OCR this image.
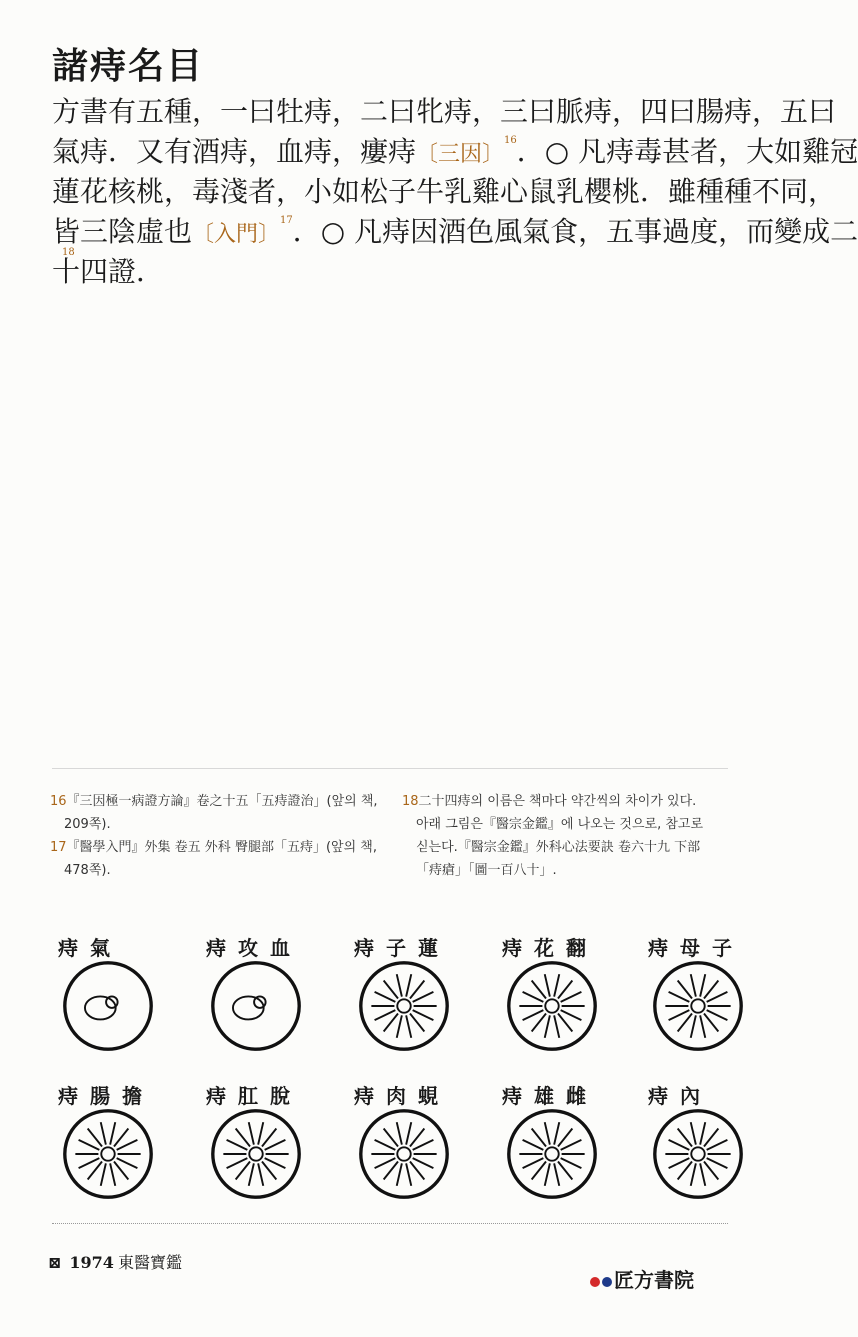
諸痔名目
方書有五種，一曰牡痔，二曰牝痔，三曰脈痔，四曰腸痔，五曰
氣痔．又有酒痔，血痔，瘻痔〔三因〕$^{16}$．○ 凡痔毒甚者，大如雞冠
蓮花核桃，毒淺者，小如松子牛乳雞心鼠乳櫻桃．雖種種不同，
皆三陰虛也〔入門〕$^{17}$．○ 凡痔因酒色風氣食，五事過度，而變成二
十四證．
18
16『三因極一病證方論』卷之十五「五痔證治」(앞의 책,
209쪽).
17『醫學入門』外集 卷五 外科 臀腿部「五痔」(앞의 책,
478쪽).
18二十四痔의 이름은 책마다 약간씩의 차이가 있다.
아래 그림은『醫宗金鑑』에 나오는 것으로, 참고로
싣는다.『醫宗金鑑』外科心法要訣 卷六十九 下部
「痔瘡」「圖一百八十」.
痔氣	痔攻血	痔子蓮	痔花翻	痔母子
痔腸擔	痔肛脫	痔肉蜆	痔雄雌	痔內
⊠ 1974 東醫寶鑑
匠方書院
